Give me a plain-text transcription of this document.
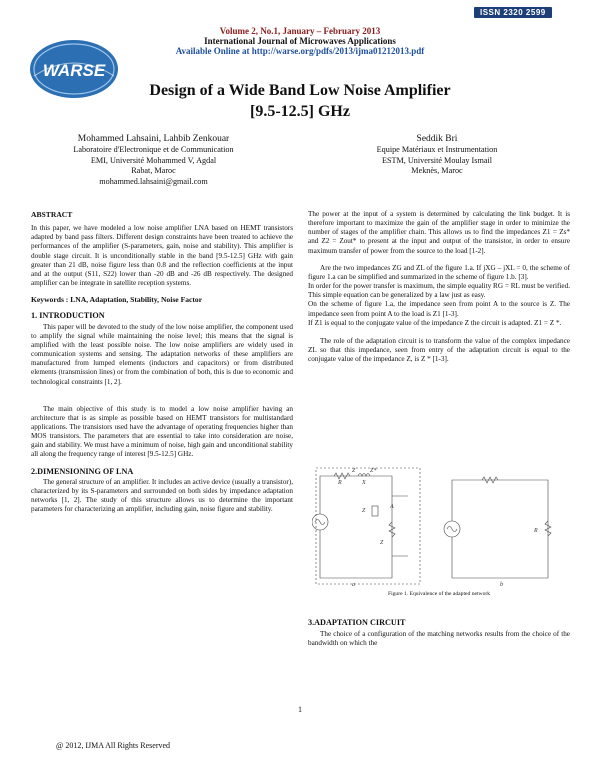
ISSN 2320 2599
WARSE
Volume 2, No.1, January – February 2013
International Journal of Microwaves Applications
Available Online at http://warse.org/pdfs/2013/ijma01212013.pdf
Design of a Wide Band Low Noise Amplifier
[9.5-12.5] GHz
Mohammed Lahsaini, Lahbib Zenkouar
Laboratoire d'Electronique et de Communication
EMI, Université Mohammed V, Agdal
Rabat, Maroc
mohammed.lahsaini@gmail.com
Seddik Bri
Equipe Matériaux et Instrumentation
ESTM, Université Moulay Ismail
Meknès, Maroc
ABSTRACT

In this paper, we have modeled a low noise amplifier LNA based on HEMT transistors adapted by band pass filters. Different design constraints have been treated to achieve the performances of the amplifier (S-parameters, gain, noise and stability). This amplifier is double stage circuit. It is unconditionally stable in the band [9.5-12.5] GHz with gain greater than 21 dB, noise figure less than 0.8 and the reflection coefficients at the input and at the output (S11, S22) lower than -20 dB and -26 dB respectively. The designed amplifier can be integrate in satellite reception systems.

Keywords : LNA, Adaptation, Stability, Noise Factor
1. INTRODUCTION

This paper will be devoted to the study of the low noise amplifier, the component used to amplify the signal while maintaining the noise level; this means that the signal is amplified with the least possible noise. The low noise amplifiers are widely used in communication systems and sensing. The adaptation networks of these amplifiers are manufactured from lumped elements (inductors and capacitors) or from distributed elements (transmission lines) or from the combination of both, this is due to economic and technological constraints [1, 2].

The main objective of this study is to model a low noise amplifier having an architecture that is as simple as possible based on HEMT transistors for multistandard applications. The transistors used have the advantage of operating frequencies higher than MOS transistors. The parameters that are essential to take into consideration are noise, gain and stability. We must have a minimum of noise, high gain and unconditional stability all along the frequency range of interest [9.5-12.5] GHz.

2.DIMENSIONING OF LNA

The general structure of an amplifier. It includes an active device (usually a transistor), characterized by its S-parameters and surrounded on both sides by impedance adaptation networks [1, 2]. The study of this structure allows us to determine the important parameters for characterizing an amplifier, including gain, noise figure and stability.

The power at the input of a system is determined by calculating the link budget. It is therefore important to maximize the gain of the amplifier stage in order to minimize the number of stages of the amplifier chain. This allows us to find the impedances Z1 = Zs* and Z2 = Zout* to present at the input and output of the transistor, in order to ensure maximum transfer of power from the source to the load [1-2].

Are the two impedances ZG and ZL of the figure 1.a. If jXG – jXL = 0, the scheme of figure 1.a can be simplified and summarized in the scheme of figure 1.b. [3].

In order for the power transfer is maximum, the simple equality RG = RL must be verified. This simple equation can be generalized by a law just as easy.

On the scheme of figure 1.a, the impedance seen from point A to the source is Z. The impedance seen from point A to the load is Z1 [1-3].

If Z1 is equal to the conjugate value of the impedance Z the circuit is adapted. Z1 = Z *.

The role of the adaptation circuit is to transform the value of the complex impedance ZL so that this impedance, seen from entry of the adaptation circuit is equal to the conjugate value of the impedance Z, is Z * [1-3].

Z Z*
R	X
Z
Z
A
R
a	b
Figure 1. Equivalence of the adapted network
3.ADAPTATION CIRCUIT

The choice of a configuration of the matching networks results from the choice of the bandwidth on which the

1
@ 2012, IJMA All Rights Reserved
